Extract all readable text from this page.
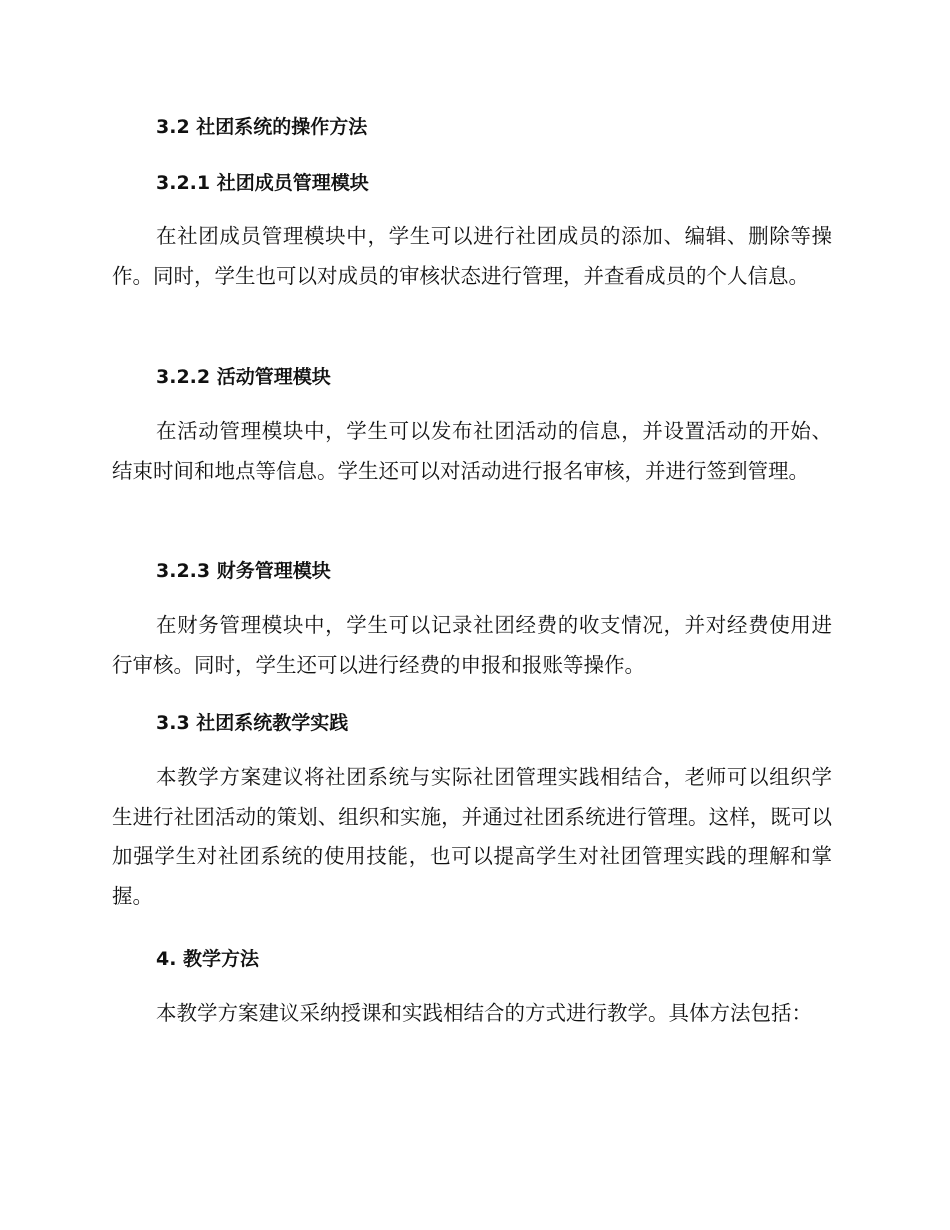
3.2 社团系统的操作方法
3.2.1 社团成员管理模块

在社团成员管理模块中，学生可以进行社团成员的添加、编辑、删除等操作。同时，学生也可以对成员的审核状态进行管理，并查看成员的个人信息。

3.2.2 活动管理模块

在活动管理模块中，学生可以发布社团活动的信息，并设置活动的开始、结束时间和地点等信息。学生还可以对活动进行报名审核，并进行签到管理。

3.2.3 财务管理模块

在财务管理模块中，学生可以记录社团经费的收支情况，并对经费使用进行审核。同时，学生还可以进行经费的申报和报账等操作。

3.3 社团系统教学实践

本教学方案建议将社团系统与实际社团管理实践相结合，老师可以组织学生进行社团活动的策划、组织和实施，并通过社团系统进行管理。这样，既可以加强学生对社团系统的使用技能，也可以提高学生对社团管理实践的理解和掌握。

4. 教学方法

本教学方案建议采纳授课和实践相结合的方式进行教学。具体方法包括：
